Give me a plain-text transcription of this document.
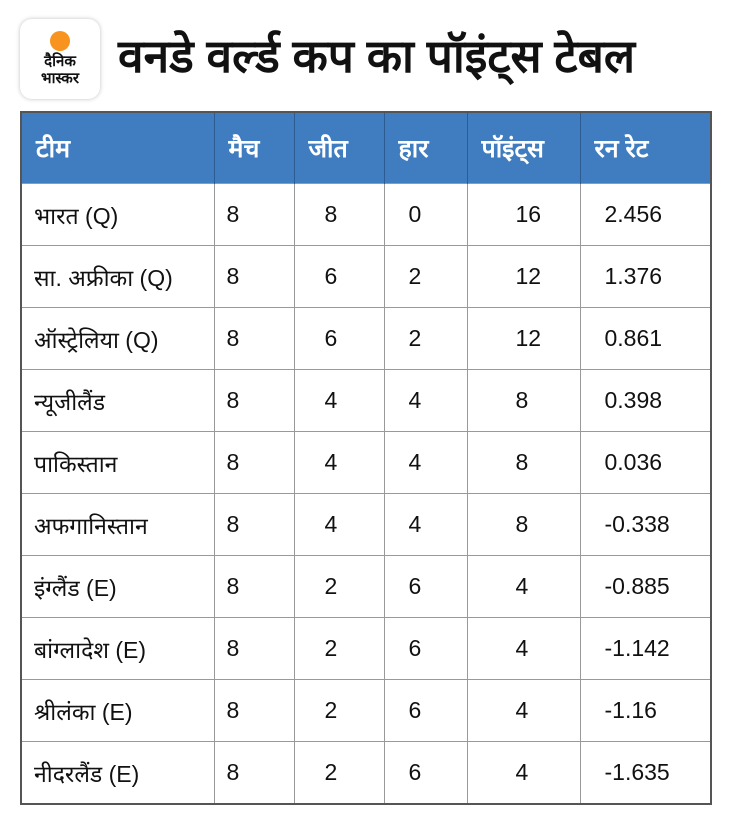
दैनिक
भास्कर वनडे वर्ल्ड कप का पॉइंट्स टेबल
टीम	मैच	जीत	हार	पॉइंट्स	रन रेट
भारत (Q)	8	8	0	16	2.456
सा. अफ्रीका (Q)	8	6	2	12	1.376
ऑस्ट्रेलिया (Q)	8	6	2	12	0.861
न्यूजीलैंड	8	4	4	8	0.398
पाकिस्तान	8	4	4	8	0.036
अफगानिस्तान	8	4	4	8	-0.338
इंग्लैंड (E)	8	2	6	4	-0.885
बांग्लादेश (E)	8	2	6	4	-1.142
श्रीलंका (E)	8	2	6	4	-1.16
नीदरलैंड (E)	8	2	6	4	-1.635
